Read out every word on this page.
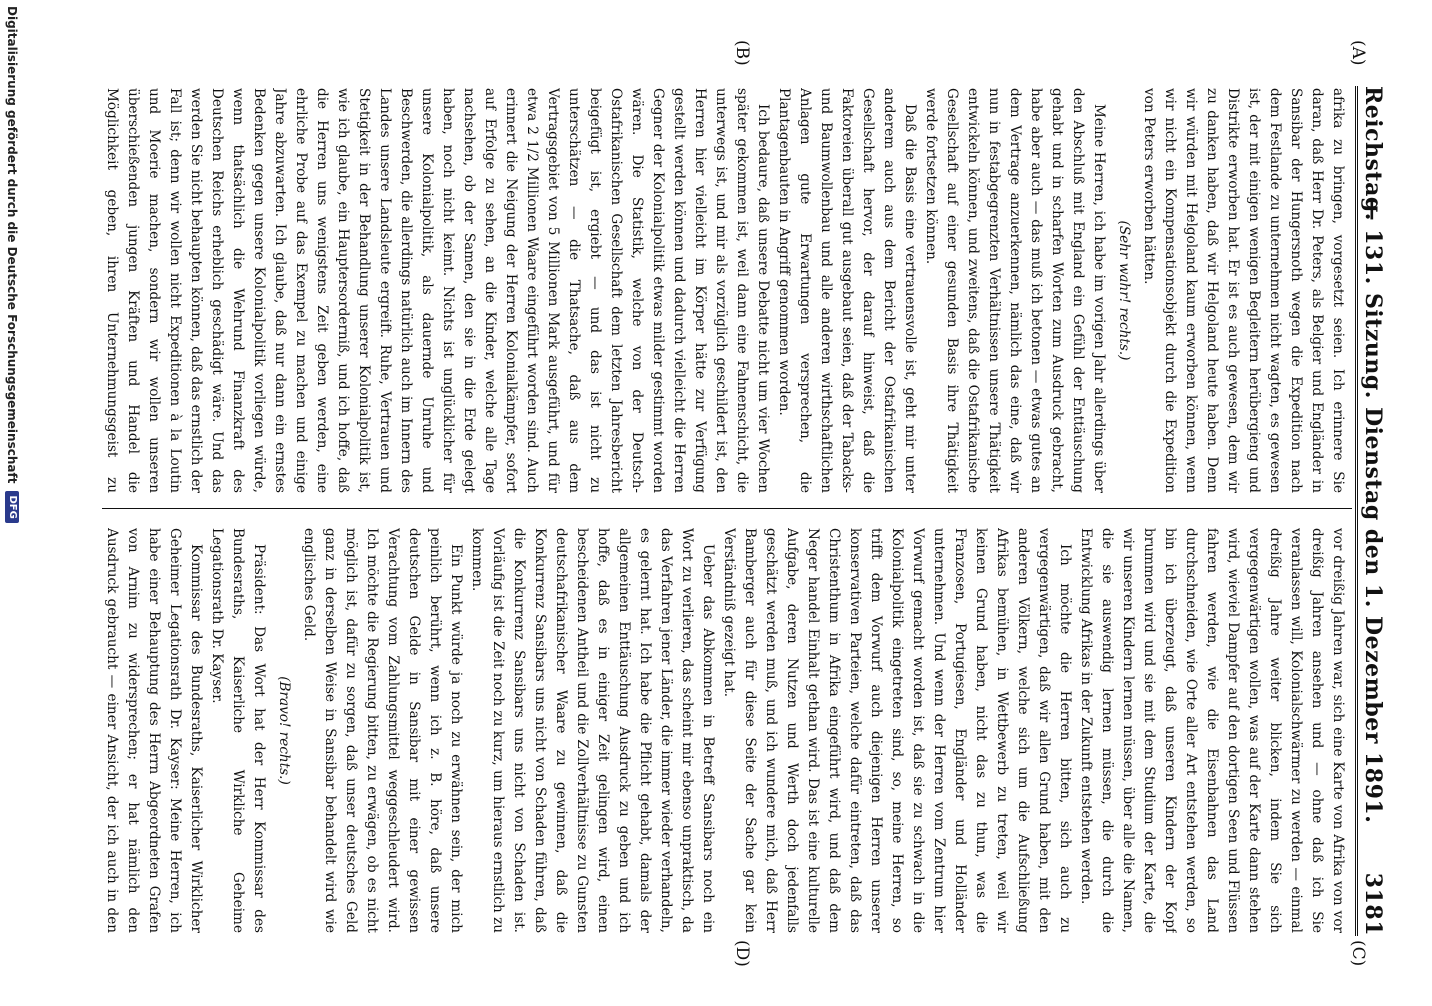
Reichstag.
— 131. Sitzung. Dienstag den 1. Dezember 1891.
3181
(A)
(B)
(C)
(D)

afrika zu bringen, vorgesetzt seien. Ich erinnere Sie daran, daß Herr Dr. Peters, als Belgier und Engländer in Sansibar der Hungersnoth wegen die Expedition nach dem Festlande zu unternehmen nicht wagten, es gewesen ist, der mit einigen wenigen Begleitern herübergieng und Distrikte erworben hat. Er ist es auch gewesen, dem wir zu danken haben, daß wir Helgoland heute haben. Denn wir würden mit Helgoland kaum erworben können, wenn wir nicht ein Kompensationsobjekt durch die Expedition von Peters erworben hätten.

(Sehr wahr! rechts.)

Meine Herren, ich habe im vorigen Jahr allerdings über den Abschluß mit England ein Gefühl der Enttäuschung gehabt und in scharfen Worten zum Ausdruck gebracht, habe aber auch — das muß ich betonen — etwas gutes an dem Vertrage anzuerkennen, nämlich das eine, daß wir nun in festabgegrenzten Verhältnissen unsere Thätigkeit entwickeln können, und zweitens, daß die Ostafrikanische Gesellschaft auf einer gesunden Basis ihre Thätigkeit werde fortsetzen können.

Daß die Basis eine vertrauensvolle ist, geht mir unter anderem auch aus dem Bericht der Ostafrikanischen Gesellschaft hervor, der darauf hinweist, daß die Faktoreien überall gut ausgebaut seien, daß der Tabacks- und Baumwollenbau und alle anderen wirthschaftlichen Anlagen gute Erwartungen versprechen, die Plantagenbauten in Angriff genommen worden.

Ich bedaure, daß unsere Debatte nicht um vier Wochen später gekommen ist, weil dann eine Fahnenschicht, die unterwegs ist, und mir als vorzüglich geschildert ist, den Herren hier vielleicht im Körper hätte zur Verfügung gestellt werden können und dadurch vielleicht die Herren Gegner der Kolonialpolitik etwas milder gestimmt worden wären. Die Statistik, welche von der Deutsch-Ostafrikanischen Gesellschaft dem letzten Jahresbericht beigefügt ist, ergiebt — und das ist nicht zu unterschätzen — die Thatsache, daß aus dem Vertragsgebiet von 5 Millionen Mark ausgeführt, und für etwa 2 1/2 Millionen Waare eingeführt worden sind. Auch erinnert die Neigung der Herren Kolonialkämpfer, sofort auf Erfolge zu sehen, an die Kinder, welche alle Tage nachsehen, ob der Samen, den sie in die Erde gelegt haben, noch nicht keimt. Nichts ist unglücklicher für unsere Kolonialpolitik, als dauernde Unruhe und Beschwerden, die allerdings natürlich auch im Innern des Landes unsere Landsleute ergreift. Ruhe, Vertrauen und Stetigkeit in der Behandlung unserer Kolonialpolitik ist, wie ich glaube, ein Hauptersorderniß, und ich hoffe, daß die Herren uns wenigstens Zeit geben werden, eine ehrliche Probe auf das Exempel zu machen und einige Jahre abzuwarten. Ich glaube, daß nur dann ein ernstes Bedenken gegen unsere Kolonialpolitik vorliegen würde, wenn thatsächlich die Wehrund Finanzkraft des Deutschen Reichs erheblich geschädigt wäre. Und das werden Sie nicht behaupten können, daß das ernstlich der Fall ist; denn wir wollen nicht Expeditionen à la Loutin und Moerie machen, sondern wir wollen unseren überschießenden jungen Kräften und Handel die Möglichkeit geben, ihren Unternehmungsgeist zu

vor dreißig Jahren war, sich eine Karte von Afrika von vor dreißig Jahren ansehen und — ohne daß ich Sie veranlassen will, Kolonialschwärmer zu werden — einmal dreißig Jahre weiter blicken, indem Sie sich vergegenwärtigen wollen, was auf der Karte dann stehen wird, wieviel Dampfer auf den dortigen Seen und Flüssen fahren werden, wie die Eisenbahnen das Land durchschneiden, wie Orte aller Art entstehen werden, so bin ich überzeugt, daß unseren Kindern der Kopf brummen wird und sie mit dem Studium der Karte, die wir unseren Kindern lernen müssen, über alle die Namen, die sie auswendig lernen müssen, die durch die Entwicklung Afrikas in der Zukunft entstehen werden.

Ich möchte die Herren bitten, sich auch zu vergegenwärtigen, daß wir allen Grund haben, mit den anderen Völkern, welche sich um die Aufschließung Afrikas bemühen, in Wettbewerb zu treten, weil wir keinen Grund haben, nicht das zu thun, was die Franzosen, Portugiesen, Engländer und Holländer unternehmen. Und wenn der Herren vom Zentrum hier Vorwurf gemacht worden ist, daß sie zu schwach in die Kolonialpolitik eingetreten sind, so, meine Herren, so trifft dem Vorwurf auch diejenigen Herren unserer konservativen Parteien, welche dafür eintreten, daß das Christenthum in Afrika eingeführt wird, und daß dem Neger handel Einhalt gethan wird. Das ist eine kulturelle Aufgabe, deren Nutzen und Werth doch jedenfalls geschätzt werden muß, und ich wundere mich, daß Herr Bamberger auch für diese Seite der Sache gar kein Verständniß gezeigt hat.

Ueber das Abkommen in Betreff Sansibars noch ein Wort zu verlieren, das scheint mir ebenso unpraktisch, da das Verfahren jener Länder, die immer wieder verhandeln, es gelernt hat. Ich habe die Pflicht gehabt, damals der allgemeinen Enttäuschung Ausdruck zu geben und ich hoffe, daß es in einiger Zeit gelingen wird, einen bescheidenen Antheil und die Zollverhältnisse zu Gunsten deutschafrikanischer Waare zu gewinnen, daß die Konkurrenz Sansibars uns nicht von Schaden führen, daß die Konkurrenz Sansibars uns nicht von Schaden ist. Vorläufig ist die Zeit noch zu kurz, um hieraus ernstlich zu kommen.

Ein Punkt würde ja noch zu erwähnen sein, der mich peinlich berührt, wenn ich z. B. höre, daß unsere deutschen Gelde in Sansibar mit einer gewissen Verachtung vom Zahlungsmittel weggeschleudert wird. Ich möchte die Regierung bitten, zu erwägen, ob es nicht möglich ist, dafür zu sorgen, daß unser deutsches Geld ganz in derselben Weise in Sansibar behandelt wird wie englisches Geld.

(Bravo! rechts.)

Präsident: Das Wort hat der Herr Kommissar des Bundesraths, Kaiserliche Wirkliche Geheime Legationsrath Dr. Kayser.

Kommissar des Bundesraths, Kaiserlicher Wirklicher Geheimer Legationsrath Dr. Kayser: Meine Herren, ich habe einer Behauptung des Herrn Abgeordneten Grafen von Arnim zu widersprechen; er hat nämlich den Ausdruck gebraucht — einer Ansicht, der ich auch in den

Digitalisierung gefördert durch die Deutsche Forschungsgemeinschaft
DFG
